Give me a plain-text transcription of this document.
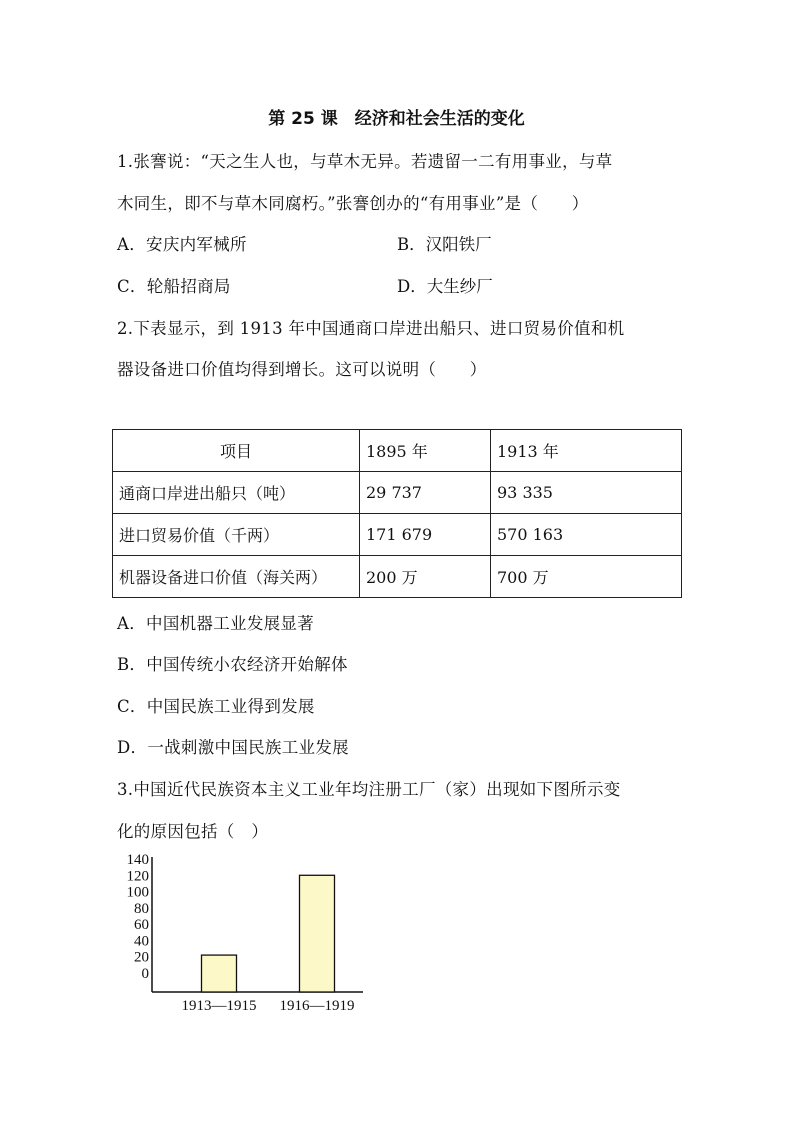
第 25 课　经济和社会生活的变化
1.张謇说：“天之生人也，与草木无异。若遗留一二有用事业，与草
木同生，即不与草木同腐朽。”张謇创办的“有用事业”是（　　）
A．安庆内军械所	B．汉阳铁厂
C．轮船招商局	D．大生纱厂
2.下表显示，到 1913 年中国通商口岸进出船只、进口贸易价值和机
器设备进口价值均得到增长。这可以说明（　　）
项目	1895 年	1913 年
通商口岸进出船只（吨）	29 737	93 335
进口贸易价值（千两）	171 679	570 163
机器设备进口价值（海关两）	200 万	700 万
A．中国机器工业发展显著
B．中国传统小农经济开始解体
C．中国民族工业得到发展
D．一战刺激中国民族工业发展
3.中国近代民族资本主义工业年均注册工厂（家）出现如下图所示变
化的原因包括（　）
140
120
100
80
60
40
20
0
1913—1915 1916—1919
